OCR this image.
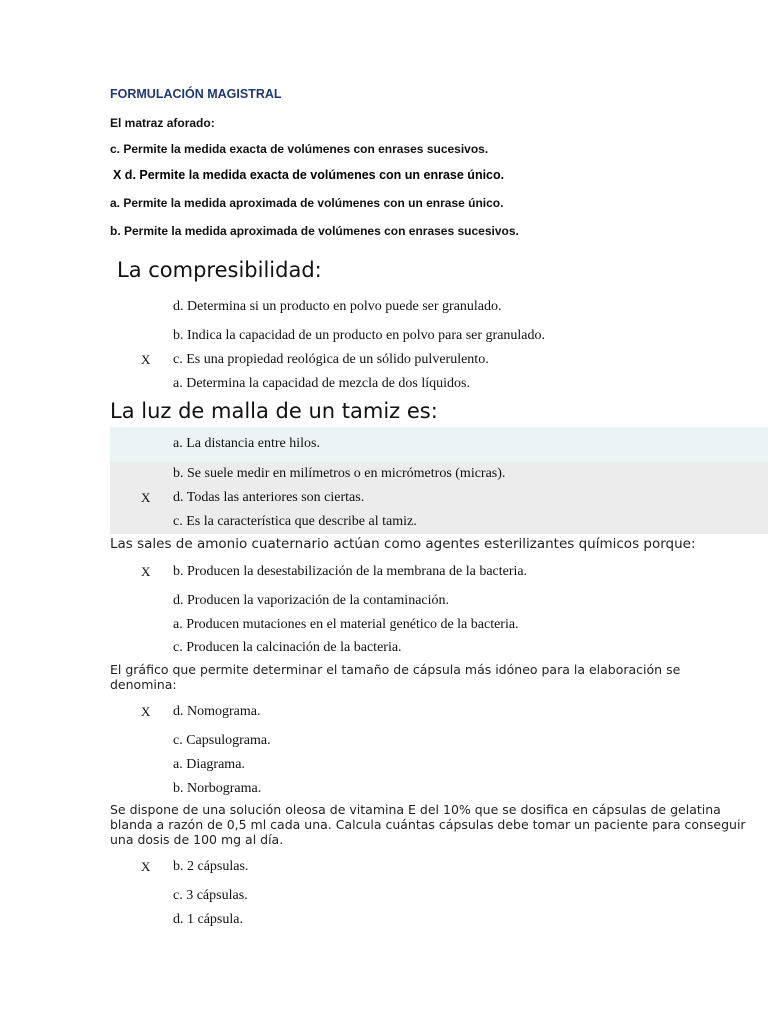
FORMULACIÓN MAGISTRAL
El matraz aforado:
c. Permite la medida exacta de volúmenes con enrases sucesivos.
X d. Permite la medida exacta de volúmenes con un enrase único.
a. Permite la medida aproximada de volúmenes con un enrase único.
b. Permite la medida aproximada de volúmenes con enrases sucesivos.
La compresibilidad:
d. Determina si un producto en polvo puede ser granulado.
b. Indica la capacidad de un producto en polvo para ser granulado.
X c. Es una propiedad reológica de un sólido pulverulento.
a. Determina la capacidad de mezcla de dos líquidos.
La luz de malla de un tamiz es:
a. La distancia entre hilos.
b. Se suele medir en milímetros o en micrómetros (micras).
X d. Todas las anteriores son ciertas.
c. Es la característica que describe al tamiz.
Las sales de amonio cuaternario actúan como agentes esterilizantes químicos porque:
X b. Producen la desestabilización de la membrana de la bacteria.
d. Producen la vaporización de la contaminación.
a. Producen mutaciones en el material genético de la bacteria.
c. Producen la calcinación de la bacteria.
El gráfico que permite determinar el tamaño de cápsula más idóneo para la elaboración se denomina:
X d. Nomograma.
c. Capsulograma.
a. Diagrama.
b. Norbograma.
Se dispone de una solución oleosa de vitamina E del 10% que se dosifica en cápsulas de gelatina blanda a razón de 0,5 ml cada una. Calcula cuántas cápsulas debe tomar un paciente para conseguir una dosis de 100 mg al día.
X b. 2 cápsulas.
c. 3 cápsulas.
d. 1 cápsula.
